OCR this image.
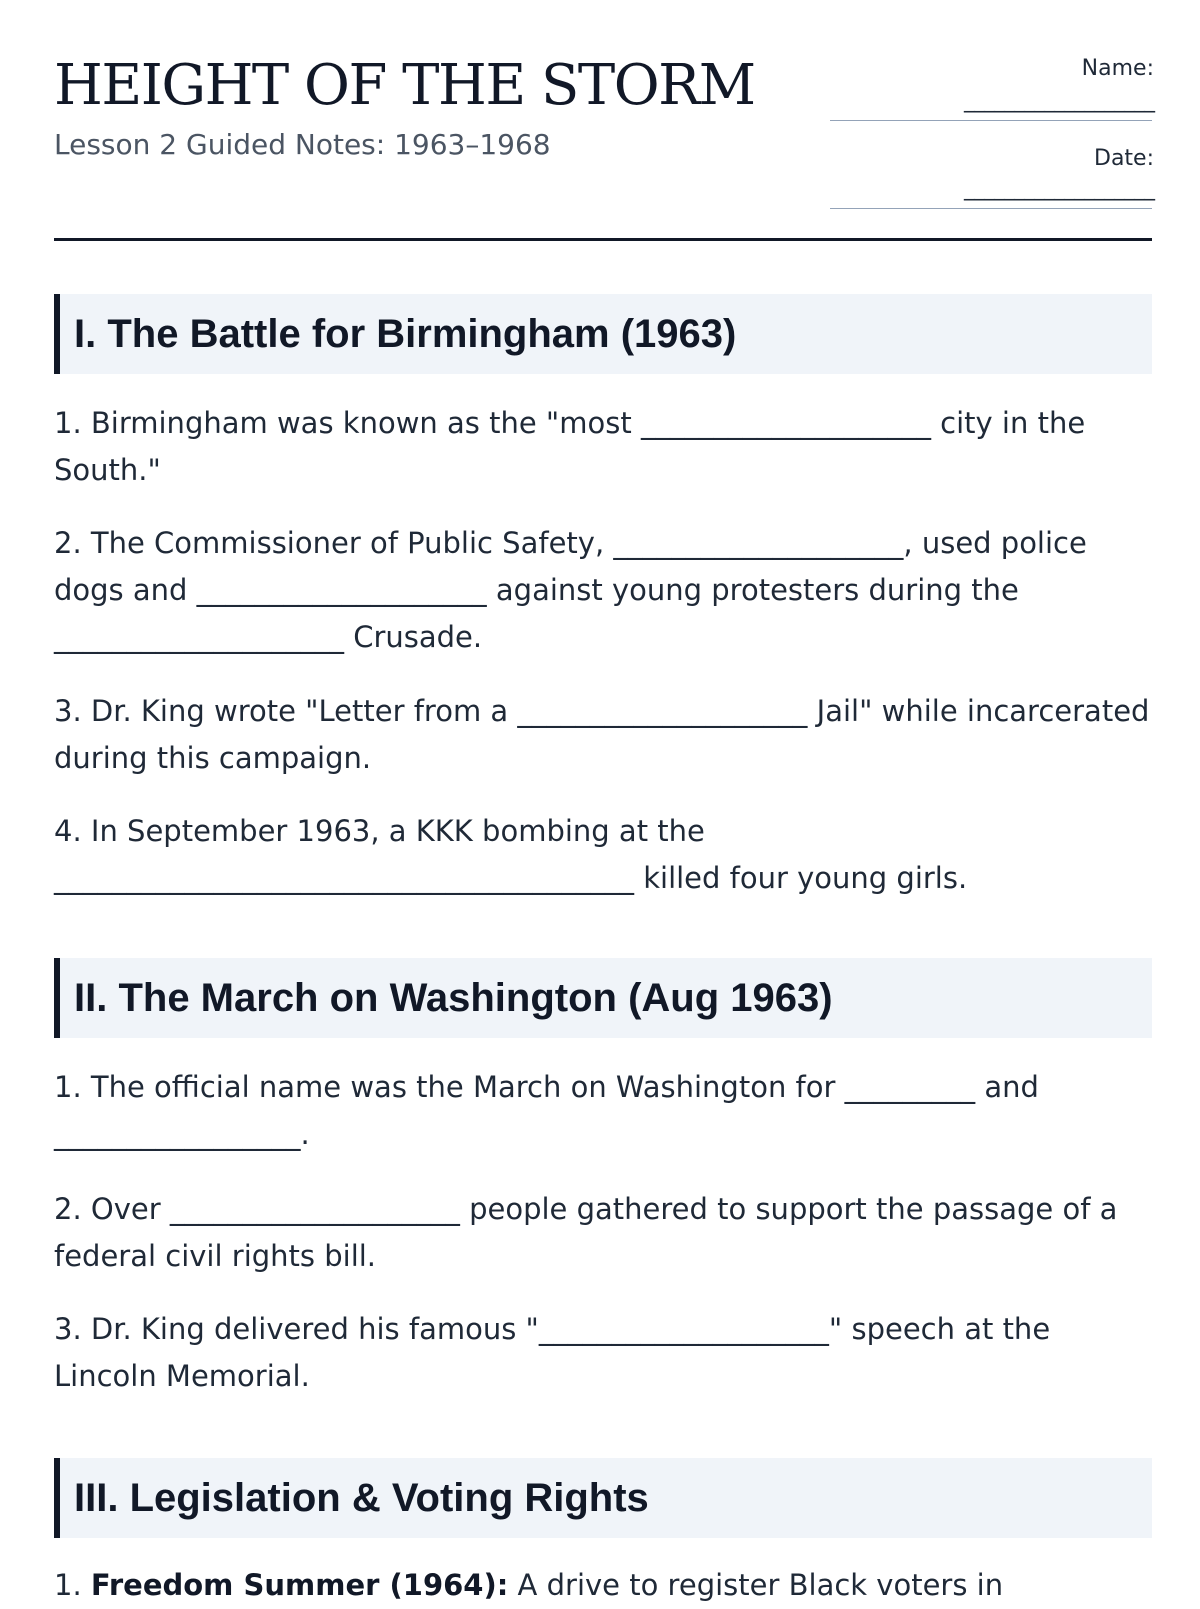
HEIGHT OF THE STORM
Lesson 2 Guided Notes: 1963–1968
Name:
___________________
Date:
___________________
I. The Battle for Birmingham (1963)

1. Birmingham was known as the "most ____________________ city in the South."

2. The Commissioner of Public Safety, ____________________, used police dogs and ____________________ against young protesters during the ____________________ Crusade.

3. Dr. King wrote "Letter from a ____________________ Jail" while incarcerated during this campaign.

4. In September 1963, a KKK bombing at the
________________________________________ killed four young girls.

II. The March on Washington (Aug 1963)

1. The official name was the March on Washington for _________ and
_________________.

2. Over ____________________ people gathered to support the passage of a federal civil rights bill.

3. Dr. King delivered his famous "____________________" speech at the Lincoln Memorial.

III. Legislation & Voting Rights

1. Freedom Summer (1964): A drive to register Black voters in
